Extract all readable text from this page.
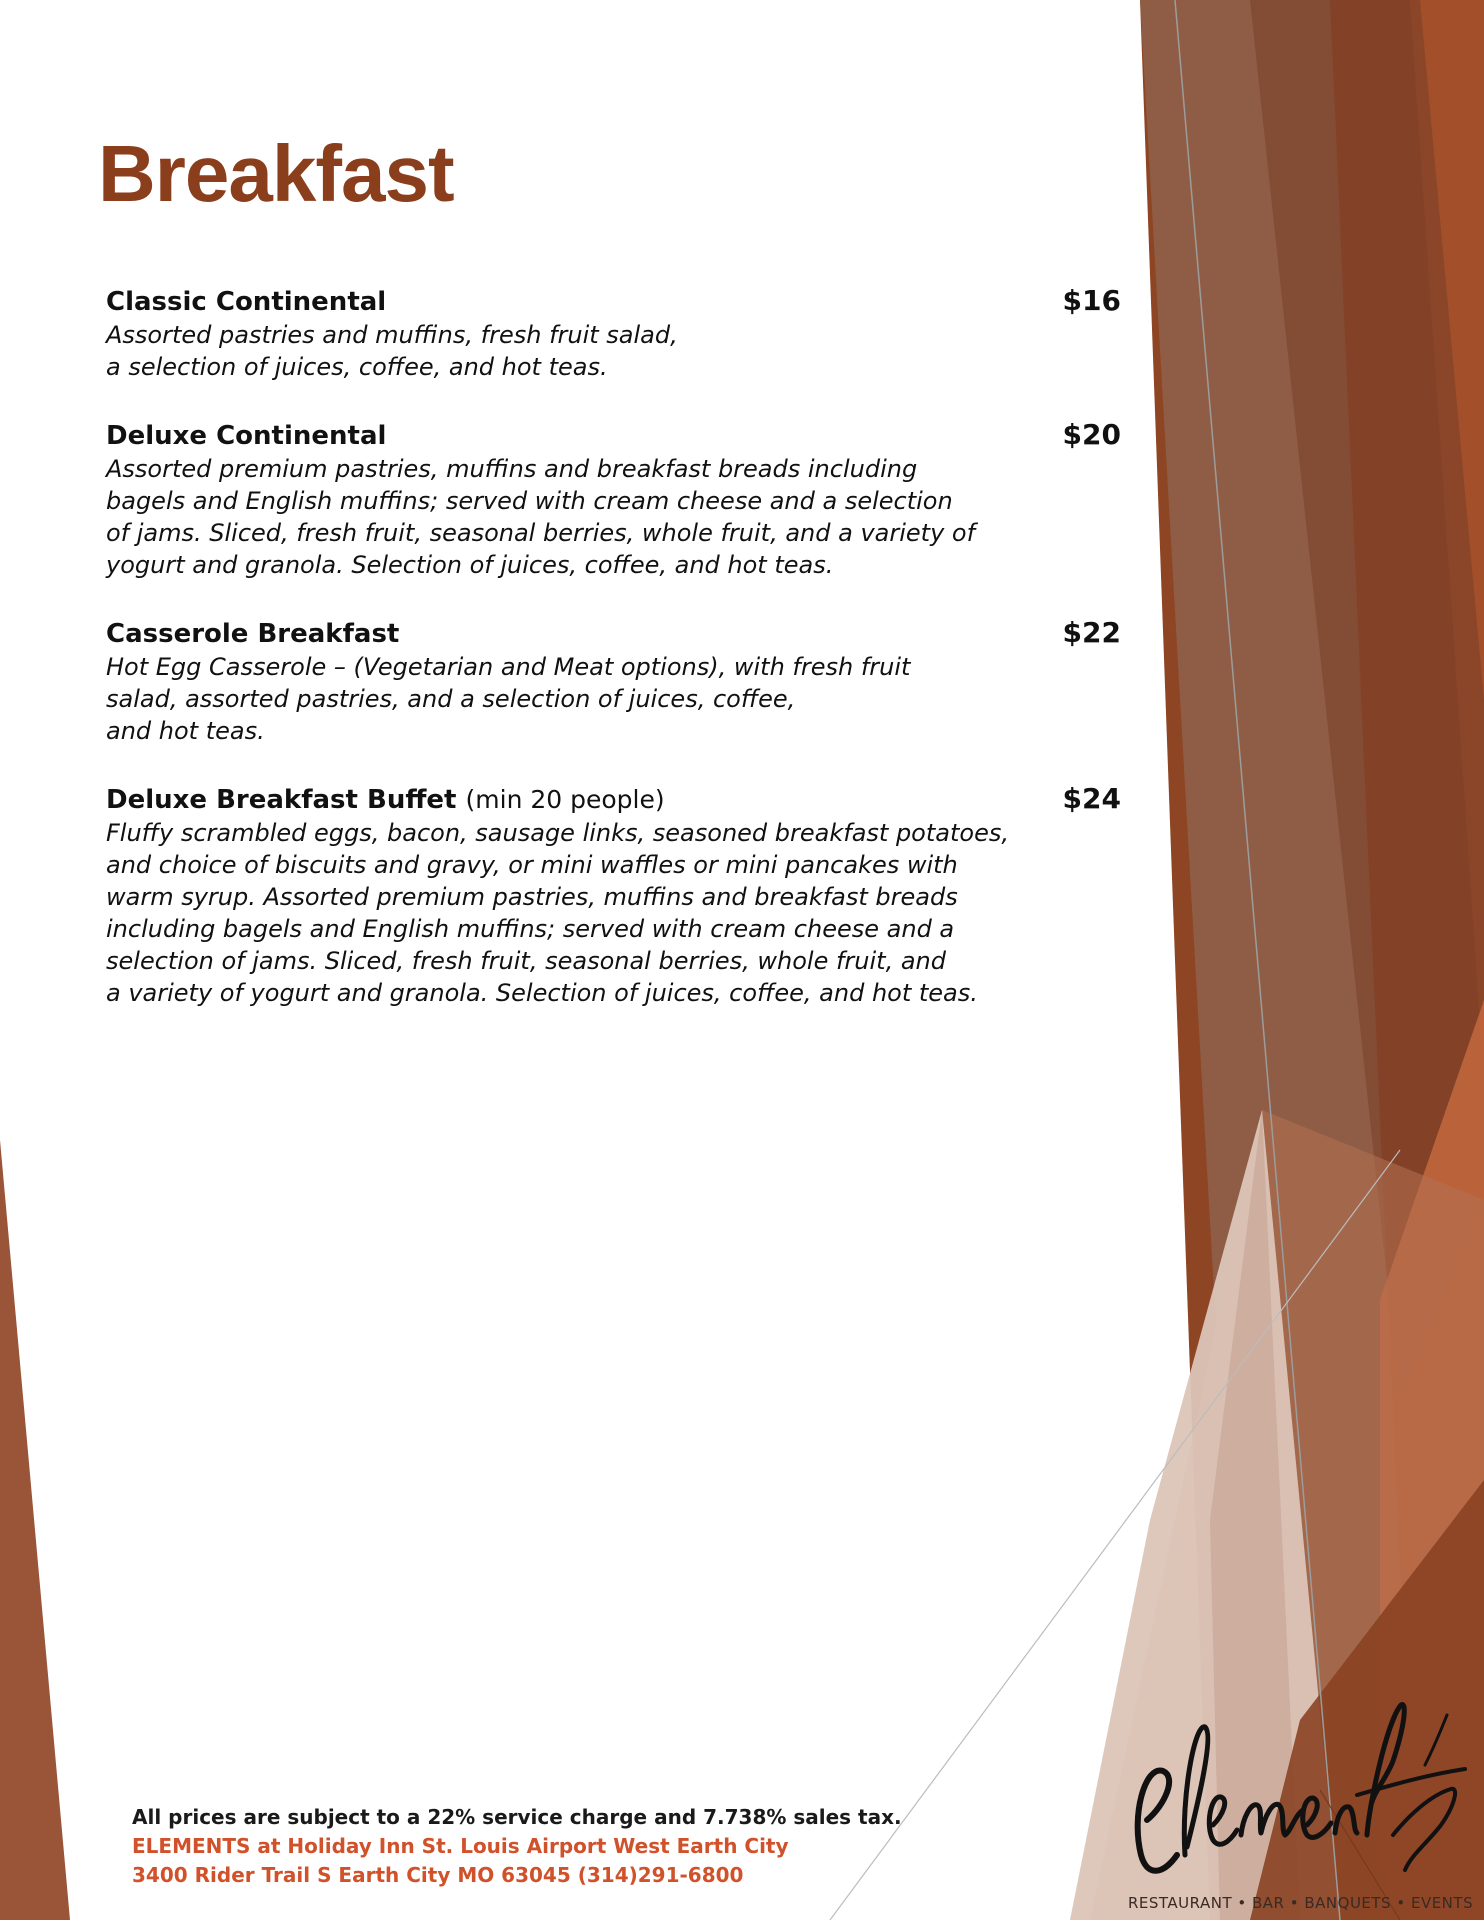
Breakfast
Classic Continental	$16

Assorted pastries and muffins, fresh fruit salad,
a selection of juices, coffee, and hot teas.

Deluxe Continental	$20

Assorted premium pastries, muffins and breakfast breads including
bagels and English muffins; served with cream cheese and a selection
of jams. Sliced, fresh fruit, seasonal berries, whole fruit, and a variety of
yogurt and granola. Selection of juices, coffee, and hot teas.

Casserole Breakfast	$22

Hot Egg Casserole – (Vegetarian and Meat options), with fresh fruit
salad, assorted pastries, and a selection of juices, coffee,
and hot teas.

Deluxe Breakfast Buffet (min 20 people)	$24

Fluffy scrambled eggs, bacon, sausage links, seasoned breakfast potatoes,
and choice of biscuits and gravy, or mini waffles or mini pancakes with
warm syrup. Assorted premium pastries, muffins and breakfast breads
including bagels and English muffins; served with cream cheese and a
selection of jams. Sliced, fresh fruit, seasonal berries, whole fruit, and
a variety of yogurt and granola. Selection of juices, coffee, and hot teas.

All prices are subject to a 22% service charge and 7.738% sales tax.
ELEMENTS at Holiday Inn St. Louis Airport West Earth City
3400 Rider Trail S Earth City MO 63045 (314)291-6800
RESTAURANT • BAR • BANQUETS • EVENTS
